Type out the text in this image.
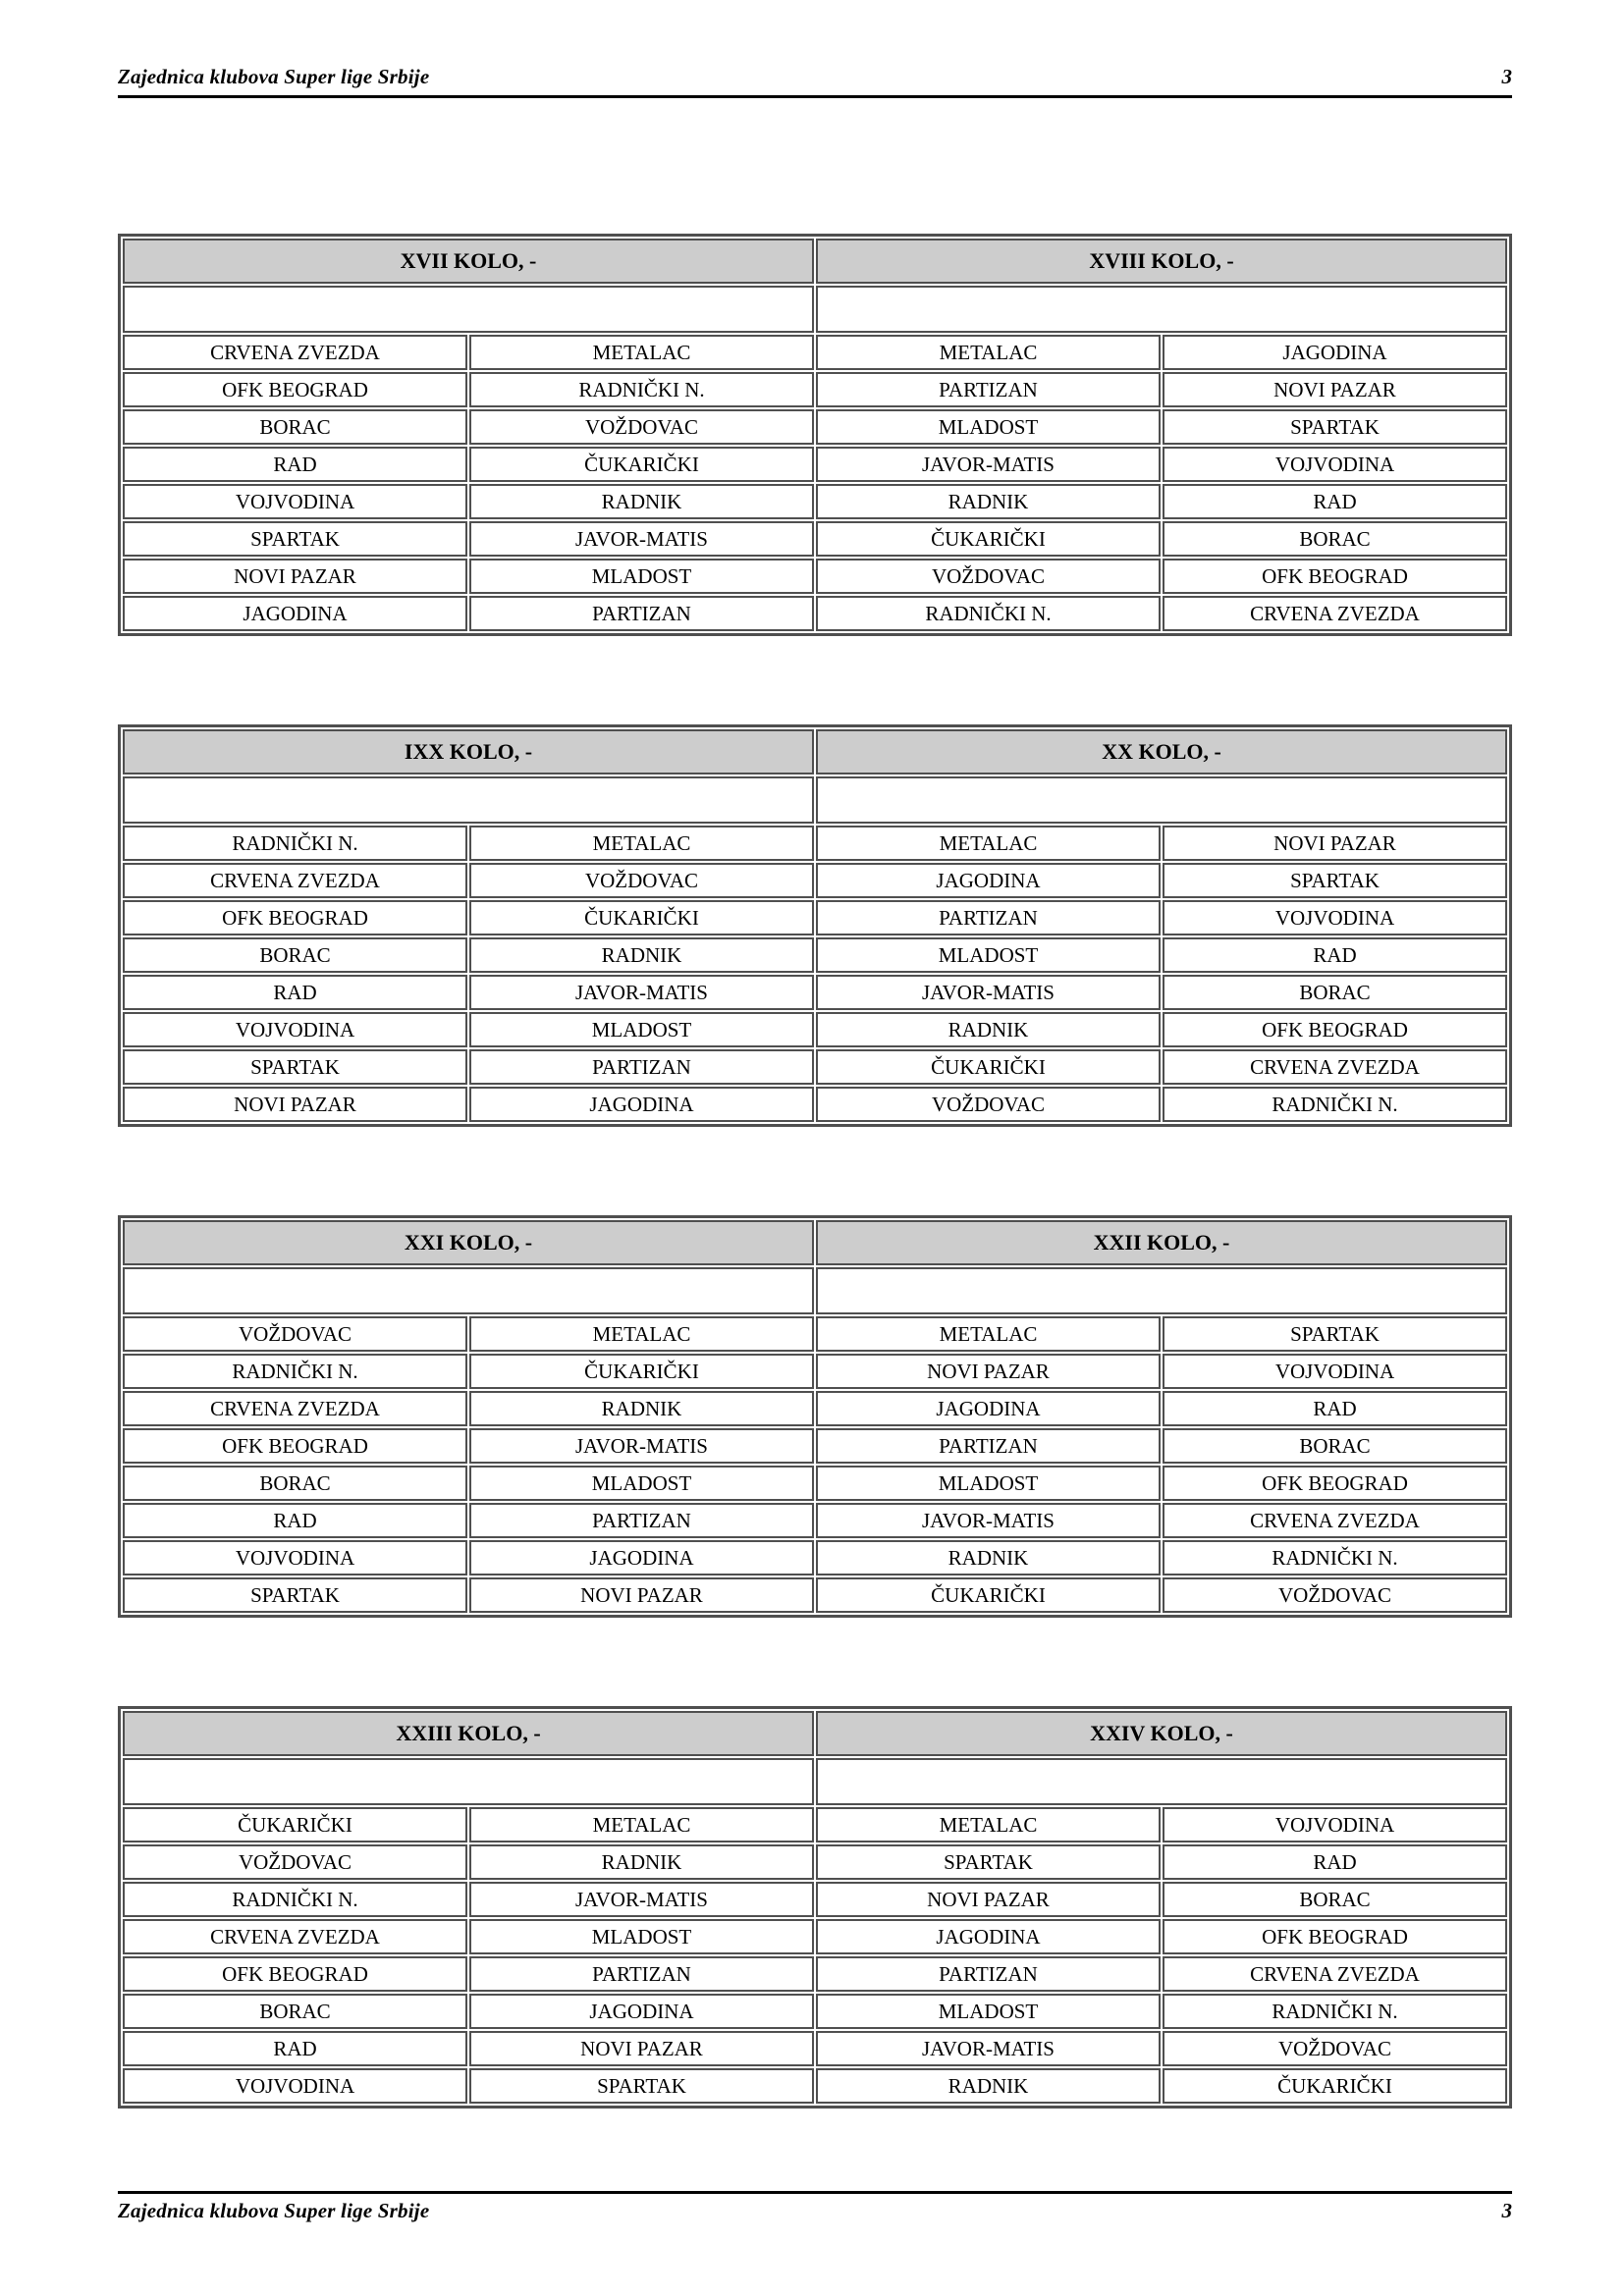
Zajednica klubova Super lige Srbije	3
XVII KOLO, -		XVIII KOLO, -	

CRVENA ZVEZDA	METALAC	METALAC	JAGODINA
OFK BEOGRAD	RADNIČKI N.	PARTIZAN	NOVI PAZAR
BORAC	VOŽDOVAC	MLADOST	SPARTAK
RAD	ČUKARIČKI	JAVOR-MATIS	VOJVODINA
VOJVODINA	RADNIK	RADNIK	RAD
SPARTAK	JAVOR-MATIS	ČUKARIČKI	BORAC
NOVI PAZAR	MLADOST	VOŽDOVAC	OFK BEOGRAD
JAGODINA	PARTIZAN	RADNIČKI N.	CRVENA ZVEZDA
IXX KOLO, -		XX KOLO, -	

RADNIČKI N.	METALAC	METALAC	NOVI PAZAR
CRVENA ZVEZDA	VOŽDOVAC	JAGODINA	SPARTAK
OFK BEOGRAD	ČUKARIČKI	PARTIZAN	VOJVODINA
BORAC	RADNIK	MLADOST	RAD
RAD	JAVOR-MATIS	JAVOR-MATIS	BORAC
VOJVODINA	MLADOST	RADNIK	OFK BEOGRAD
SPARTAK	PARTIZAN	ČUKARIČKI	CRVENA ZVEZDA
NOVI PAZAR	JAGODINA	VOŽDOVAC	RADNIČKI N.
XXI KOLO, -		XXII KOLO, -	

VOŽDOVAC	METALAC	METALAC	SPARTAK
RADNIČKI N.	ČUKARIČKI	NOVI PAZAR	VOJVODINA
CRVENA ZVEZDA	RADNIK	JAGODINA	RAD
OFK BEOGRAD	JAVOR-MATIS	PARTIZAN	BORAC
BORAC	MLADOST	MLADOST	OFK BEOGRAD
RAD	PARTIZAN	JAVOR-MATIS	CRVENA ZVEZDA
VOJVODINA	JAGODINA	RADNIK	RADNIČKI N.
SPARTAK	NOVI PAZAR	ČUKARIČKI	VOŽDOVAC
XXIII KOLO, -		XXIV KOLO, -	

ČUKARIČKI	METALAC	METALAC	VOJVODINA
VOŽDOVAC	RADNIK	SPARTAK	RAD
RADNIČKI N.	JAVOR-MATIS	NOVI PAZAR	BORAC
CRVENA ZVEZDA	MLADOST	JAGODINA	OFK BEOGRAD
OFK BEOGRAD	PARTIZAN	PARTIZAN	CRVENA ZVEZDA
BORAC	JAGODINA	MLADOST	RADNIČKI N.
RAD	NOVI PAZAR	JAVOR-MATIS	VOŽDOVAC
VOJVODINA	SPARTAK	RADNIK	ČUKARIČKI
Zajednica klubova Super lige Srbije	3
